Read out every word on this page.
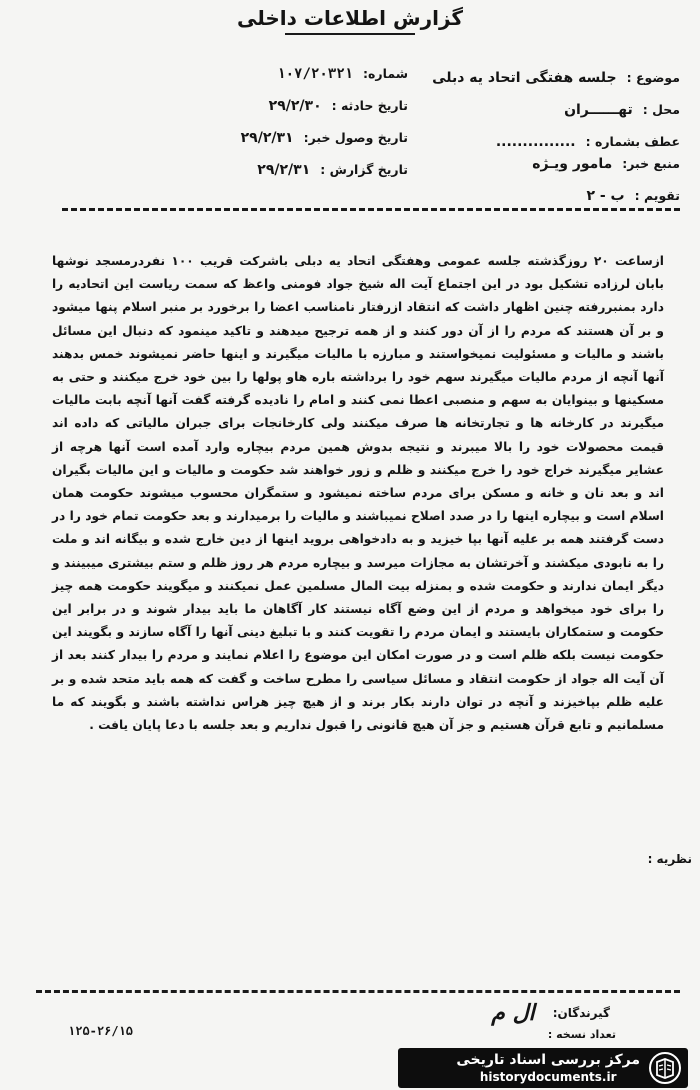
گزارش اطلاعات داخلی
موضوع :
جلسه هفتگی اتحاد یه دبلی
محل :
تهــــــران
عطف بشماره :
...............
منبع خبر:
مامور ویـژه
تقویم :
ب - ۲
شماره:
۱۰۷/۲۰۳۲۱
تاریخ حادثه :
۲۹/۲/۳۰
تاریخ وصول خبر:
۲۹/۲/۳۱
تاریخ گزارش :
۲۹/۲/۳۱

ازساعت ۲۰ روزگذشته جلسه عمومی وهفتگی اتحاد یه دبلی باشرکت قریب ۱۰۰ نفردرمسجد نوشها بابان لرزاده تشکیل بود در این اجتماع آیت اله شیخ جواد فومنی واعظ که سمت ریاست این اتحادیه را دارد بمنبررفته چنین اظهار داشت که انتقاد ازرفتار نامناسب اعضا را برخورد بر منبر اسلام پنها میشود و بر آن هستند که مردم را از آن دور کنند و از همه ترجیح میدهند و تاکید مینمود که دنبال این مسائل باشند و مالیات و مسئولیت نمیخواستند و مبارزه با مالیات میگیرند و اینها حاضر نمیشوند خمس بدهند آنها آنچه از مردم مالیات میگیرند سهم خود را برداشته باره هاو پولها را بین خود خرج میکنند و حتی به مسکینها و بینوایان به سهم و منصبی اعطا نمی کنند و امام را نادیده گرفته گفت آنها آنچه بابت مالیات میگیرند در کارخانه ها و تجارتخانه ها صرف میکنند ولی کارخانجات برای جبران مالیاتی که داده اند قیمت محصولات خود را بالا میبرند و نتیجه بدوش همین مردم بیچاره وارد آمده است آنها هرچه از عشایر میگیرند خراج خود را خرج میکنند و ظلم و زور خواهند شد حکومت و مالیات و این مالیات بگیران اند و بعد نان و خانه و مسکن برای مردم ساخته نمیشود و ستمگران محسوب میشوند حکومت همان اسلام است و بیچاره اینها را در صدد اصلاح نمیباشند و مالیات را برمیدارند و بعد حکومت تمام خود را در دست گرفتند همه بر علیه آنها بپا خیزید و به دادخواهی بروید اینها از دین خارج شده و بیگانه اند و ملت را به نابودی میکشند و آخرتشان به مجازات میرسد و بیچاره مردم هر روز ظلم و ستم بیشتری میبینند و دیگر ایمان ندارند و حکومت شده و بمنزله بیت المال مسلمین عمل نمیکنند و میگویند حکومت همه چیز را برای خود میخواهد و مردم از این وضع آگاه نیستند کار آگاهان ما باید بیدار شوند و در برابر این حکومت و ستمکاران بایستند و ایمان مردم را تقویت کنند و با تبلیغ دینی آنها را آگاه سازند و بگویند این حکومت نیست بلکه ظلم است و در صورت امکان این موضوع را اعلام نمایند و مردم را بیدار کنند بعد از آن آیت اله جواد از حکومت انتقاد و مسائل سیاسی را مطرح ساخت و گفت که همه باید متحد شده و بر علیه ظلم بپاخیزند و آنچه در توان دارند بکار برند و از هیچ چیز هراس نداشته باشند و بگویند که ما مسلمانیم و تابع قرآن هستیم و جز آن هیچ قانونی را قبول نداریم و بعد جلسه با دعا پایان یافت .

نظریه :
گیرندگان:
ال م
تعداد نسخه :
۱۲۵-۲۶/۱۵
مرکز بررسی اسناد تاریخی
historydocuments.ir
